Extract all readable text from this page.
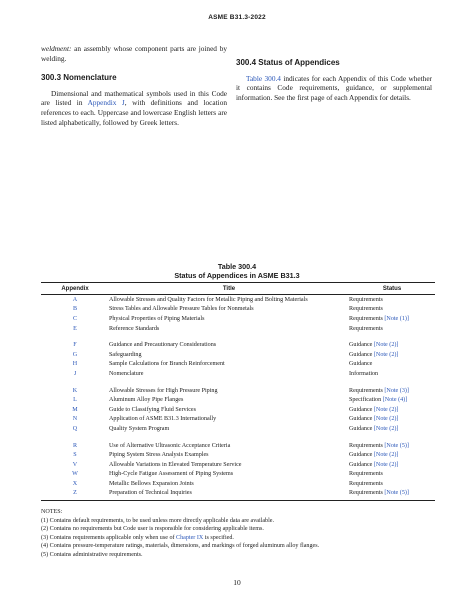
ASME B31.3-2022

weldment: an assembly whose component parts are joined by welding.

300.3 Nomenclature

Dimensional and mathematical symbols used in this Code are listed in Appendix J, with definitions and location references to each. Uppercase and lowercase English letters are listed alphabetically, followed by Greek letters.

300.4 Status of Appendices

Table 300.4 indicates for each Appendix of this Code whether it contains Code requirements, guidance, or supplemental information. See the first page of each Appendix for details.

Table 300.4
Status of Appendices in ASME B31.3
Appendix	Title	Status
A	Allowable Stresses and Quality Factors for Metallic Piping and Bolting Materials	Requirements
B	Stress Tables and Allowable Pressure Tables for Nonmetals	Requirements
C	Physical Properties of Piping Materials	Requirements [Note (1)]
E	Reference Standards	Requirements
F	Guidance and Precautionary Considerations	Guidance [Note (2)]
G	Safeguarding	Guidance [Note (2)]
H	Sample Calculations for Branch Reinforcement	Guidance
J	Nomenclature	Information
K	Allowable Stresses for High Pressure Piping	Requirements [Note (3)]
L	Aluminum Alloy Pipe Flanges	Specification [Note (4)]
M	Guide to Classifying Fluid Services	Guidance [Note (2)]
N	Application of ASME B31.3 Internationally	Guidance [Note (2)]
Q	Quality System Program	Guidance [Note (2)]
R	Use of Alternative Ultrasonic Acceptance Criteria	Requirements [Note (5)]
S	Piping System Stress Analysis Examples	Guidance [Note (2)]
V	Allowable Variations in Elevated Temperature Service	Guidance [Note (2)]
W	High-Cycle Fatigue Assessment of Piping Systems	Requirements
X	Metallic Bellows Expansion Joints	Requirements
Z	Preparation of Technical Inquiries	Requirements [Note (5)]
NOTES:
(1) Contains default requirements, to be used unless more directly applicable data are available.
(2) Contains no requirements but Code user is responsible for considering applicable items.
(3) Contains requirements applicable only when use of Chapter IX is specified.
(4) Contains pressure-temperature ratings, materials, dimensions, and markings of forged aluminum alloy flanges.
(5) Contains administrative requirements.
10
